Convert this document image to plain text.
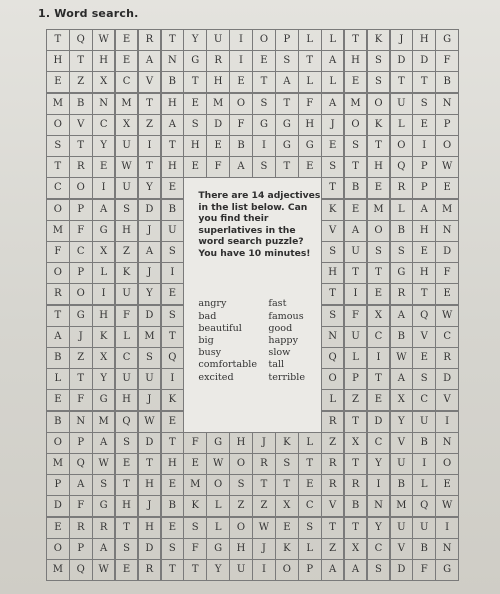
1. Word search.
T	Q	W	E	R	T	Y	U	I	O	P	L	L	T	K	J	H	G
H	T	H	E	A	N	G	R	I	E	S	T	A	H	S	D	D	F
E	Z	X	C	V	B	T	H	E	T	A	L	L	E	S	T	T	B
M	B	N	M	T	H	E	M	O	S	T	F	A	M	O	U	S	N
O	V	C	X	Z	A	S	D	F	G	G	H	J	O	K	L	E	P
S	T	Y	U	I	T	H	E	B	I	G	G	E	S	T	O	I	O
T	R	E	W	T	H	E	F	A	S	T	E	S	T	H	Q	P	W
C	O	I	U	Y	E	T	B	E	R	P	E
O	P	A	S	D	B	K	E	M	L	A	M
M	F	G	H	J	U	V	A	O	B	H	N
F	C	X	Z	A	S	S	U	S	S	E	D
O	P	L	K	J	I	H	T	T	G	H	F
R	O	I	U	Y	E	T	I	E	R	T	E
T	G	H	F	D	S	S	F	X	A	Q	W
A	J	K	L	M	T	N	U	C	B	V	C
B	Z	X	C	S	Q	Q	L	I	W	E	R
L	T	Y	U	U	I	O	P	T	A	S	D
E	F	G	H	J	K	L	Z	E	X	C	V
B	N	M	Q	W	E	R	T	D	Y	U	I
O	P	A	S	D	T	F	G	H	J	K	L	Z	X	C	V	B	N
M	Q	W	E	T	H	E	W	O	R	S	T	R	T	Y	U	I	O
P	A	S	T	H	E	M	O	S	T	T	E	R	R	I	B	L	E
D	F	G	H	J	B	K	L	Z	Z	X	C	V	B	N	M	Q	W
E	R	R	T	H	E	S	L	O	W	E	S	T	T	Y	U	U	I
O	P	A	S	D	S	F	G	H	J	K	L	Z	X	C	V	B	N
M	Q	W	E	R	T	T	Y	U	I	O	P	A	A	S	D	F	G
There are 14 adjectives in the list below. Can you find their superlatives in the word search puzzle? You have 10 minutes!
angry
bad
beautiful
big
busy
comfortable
excited
fast
famous
good
happy
slow
tall
terrible
